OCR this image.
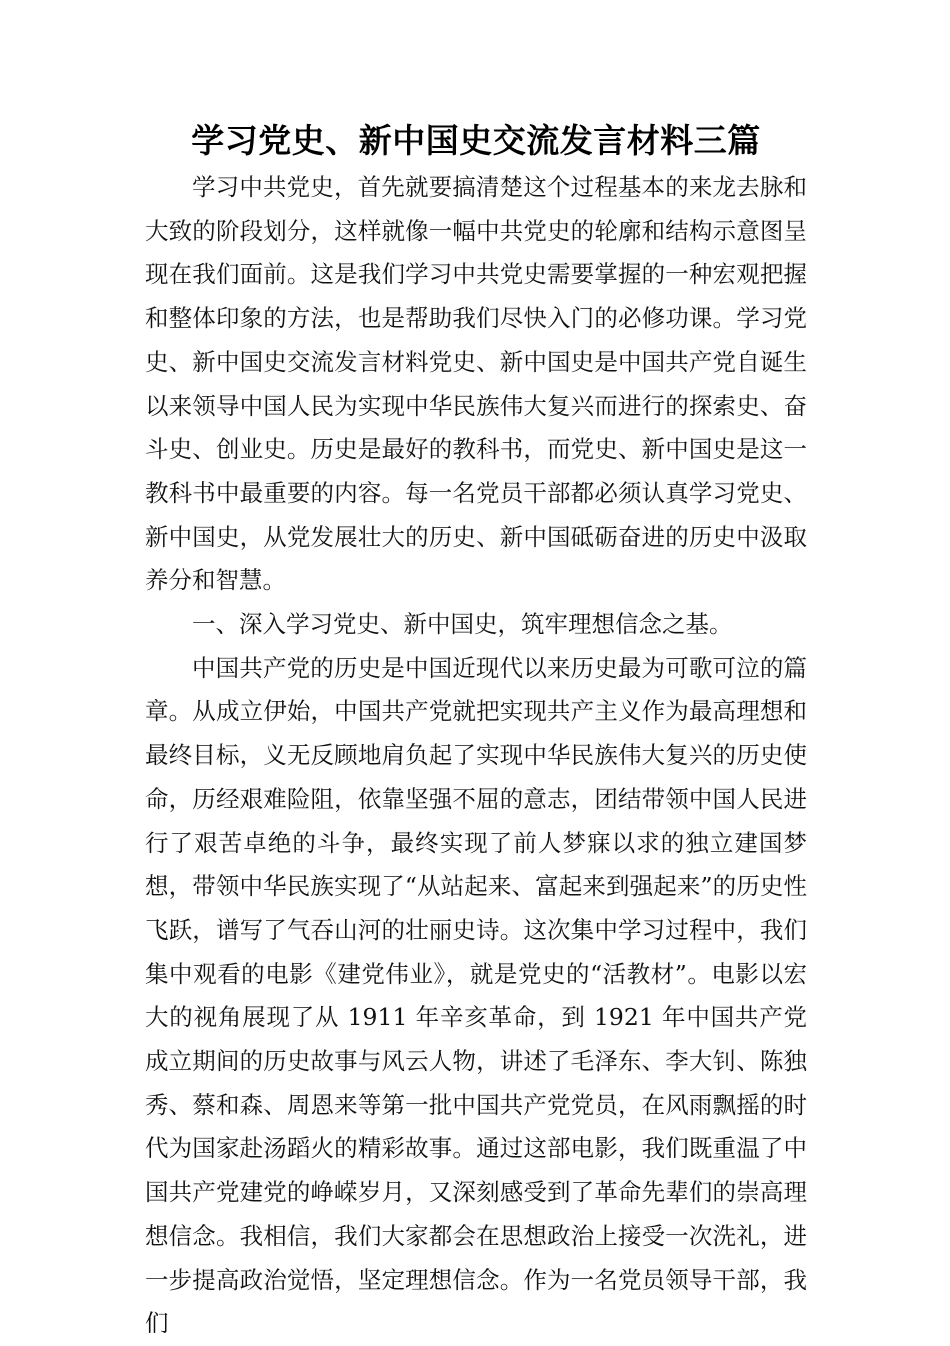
学习党史、新中国史交流发言材料三篇

学习中共党史，首先就要搞清楚这个过程基本的来龙去脉和大致的阶段划分，这样就像一幅中共党史的轮廓和结构示意图呈现在我们面前。这是我们学习中共党史需要掌握的一种宏观把握和整体印象的方法，也是帮助我们尽快入门的必修功课。学习党史、新中国史交流发言材料党史、新中国史是中国共产党自诞生以来领导中国人民为实现中华民族伟大复兴而进行的探索史、奋斗史、创业史。历史是最好的教科书，而党史、新中国史是这一教科书中最重要的内容。每一名党员干部都必须认真学习党史、新中国史，从党发展壮大的历史、新中国砥砺奋进的历史中汲取养分和智慧。

一、深入学习党史、新中国史，筑牢理想信念之基。

中国共产党的历史是中国近现代以来历史最为可歌可泣的篇章。从成立伊始，中国共产党就把实现共产主义作为最高理想和最终目标，义无反顾地肩负起了实现中华民族伟大复兴的历史使命，历经艰难险阻，依靠坚强不屈的意志，团结带领中国人民进行了艰苦卓绝的斗争，最终实现了前人梦寐以求的独立建国梦想，带领中华民族实现了“从站起来、富起来到强起来”的历史性飞跃，谱写了气吞山河的壮丽史诗。这次集中学习过程中，我们集中观看的电影《建党伟业》，就是党史的“活教材”。电影以宏大的视角展现了从 1911 年辛亥革命，到 1921 年中国共产党成立期间的历史故事与风云人物，讲述了毛泽东、李大钊、陈独秀、蔡和森、周恩来等第一批中国共产党党员，在风雨飘摇的时代为国家赴汤蹈火的精彩故事。通过这部电影，我们既重温了中国共产党建党的峥嵘岁月，又深刻感受到了革命先辈们的崇高理想信念。我相信，我们大家都会在思想政治上接受一次洗礼，进一步提高政治觉悟，坚定理想信念。作为一名党员领导干部，我们
